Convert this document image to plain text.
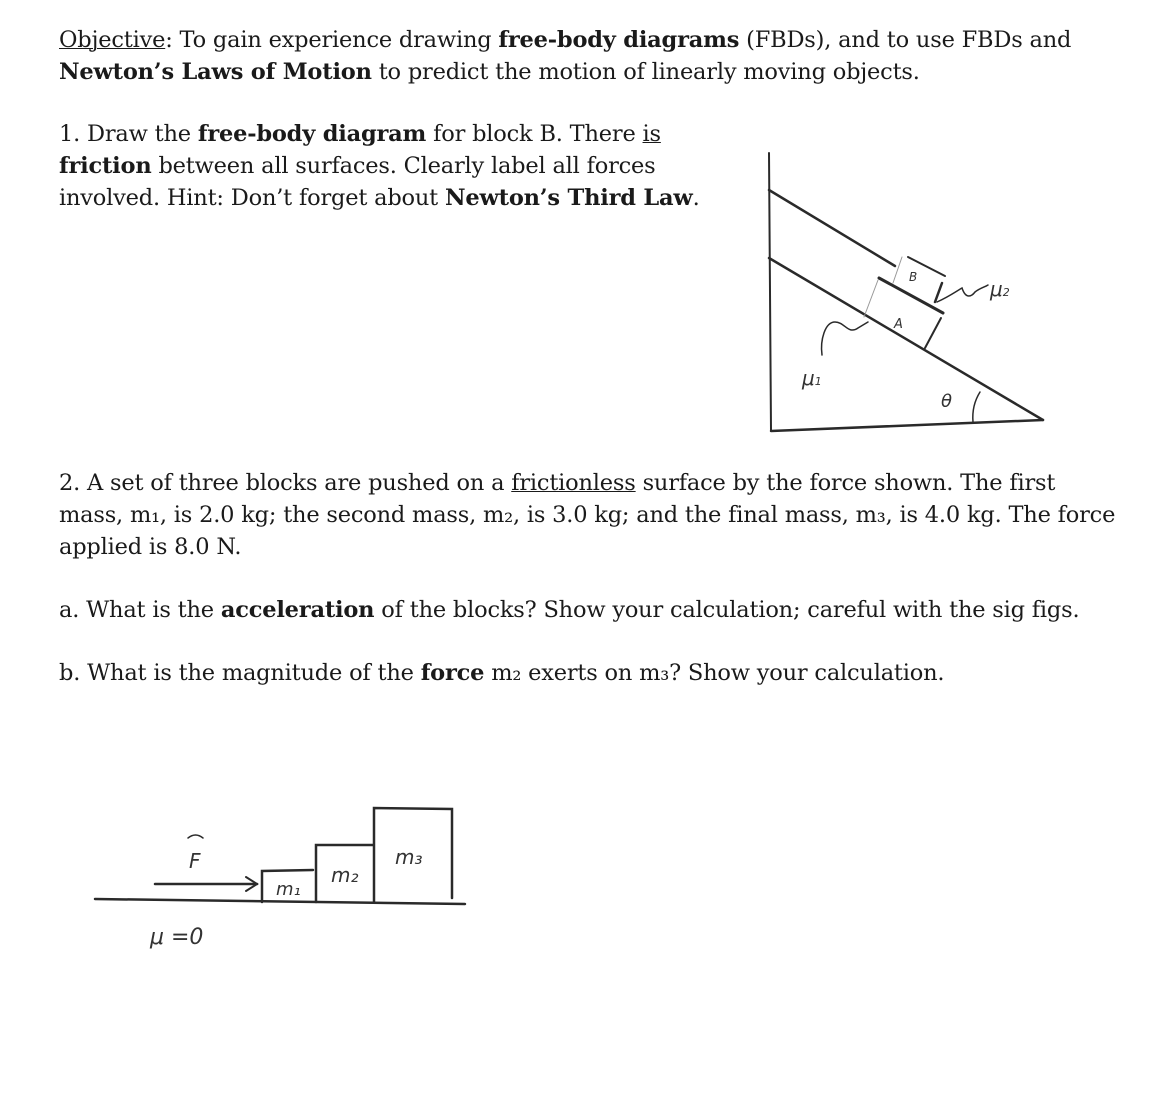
Objective: To gain experience drawing free-body diagrams (FBDs), and to use FBDs and
Newton’s Laws of Motion to predict the motion of linearly moving objects.
1. Draw the free-body diagram for block B. There is
friction between all surfaces. Clearly label all forces
involved. Hint: Don’t forget about Newton’s Third Law.
2. A set of three blocks are pushed on a frictionless surface by the force shown. The first
mass, m₁, is 2.0 kg; the second mass, m₂, is 3.0 kg; and the final mass, m₃, is 4.0 kg. The force
applied is 8.0 N.
a. What is the acceleration of the blocks? Show your calculation; careful with the sig figs.
b. What is the magnitude of the force m₂ exerts on m₃? Show your calculation.
B
A
μ2
μ1
θ
F
m₁
m₂
m₃
μ =0
